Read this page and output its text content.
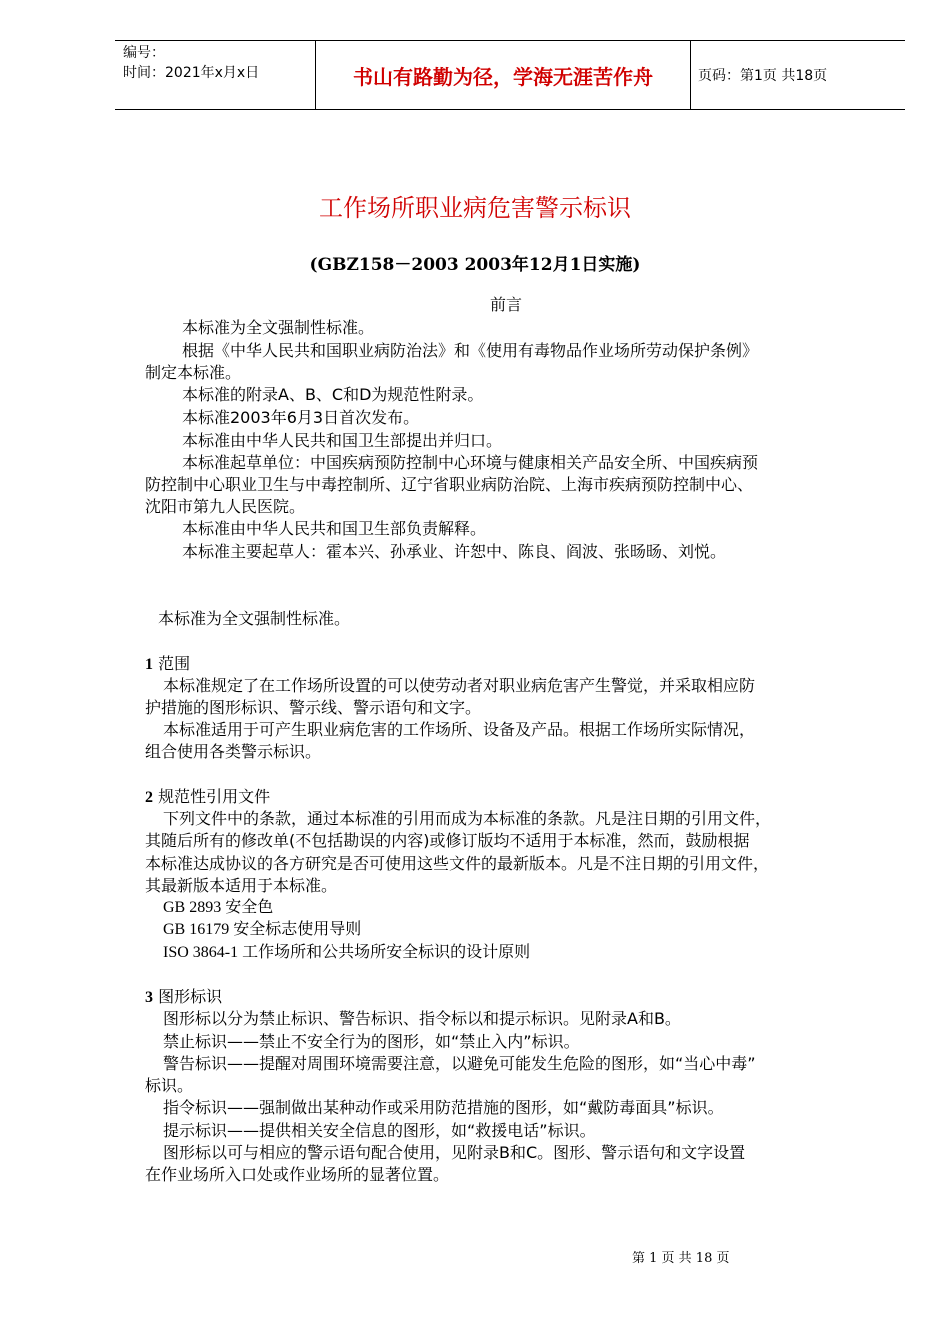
编号：
时间：2021年x月x日	书山有路勤为径，学海无涯苦作舟	页码：第1页 共18页
工作场所职业病危害警示标识
(GBZ158－2003 2003年12月1日实施)
前言
本标准为全文强制性标准。
根据《中华人民共和国职业病防治法》和《使用有毒物品作业场所劳动保护条例》
制定本标准。
本标准的附录A、B、C和D为规范性附录。
本标准2003年6月3日首次发布。
本标准由中华人民共和国卫生部提出并归口。
本标准起草单位：中国疾病预防控制中心环境与健康相关产品安全所、中国疾病预
防控制中心职业卫生与中毒控制所、辽宁省职业病防治院、上海市疾病预防控制中心、
沈阳市第九人民医院。
本标准由中华人民共和国卫生部负责解释。
本标准主要起草人：霍本兴、孙承业、许恕中、陈良、阎波、张旸旸、刘悦。
本标准为全文强制性标准。
1 范围
本标准规定了在工作场所设置的可以使劳动者对职业病危害产生警觉，并采取相应防
护措施的图形标识、警示线、警示语句和文字。
本标准适用于可产生职业病危害的工作场所、设备及产品。根据工作场所实际情况，
组合使用各类警示标识。
2 规范性引用文件
下列文件中的条款，通过本标准的引用而成为本标准的条款。凡是注日期的引用文件，
其随后所有的修改单(不包括勘误的内容)或修订版均不适用于本标准，然而，鼓励根据
本标准达成协议的各方研究是否可使用这些文件的最新版本。凡是不注日期的引用文件，
其最新版本适用于本标准。
GB 2893 安全色
GB 16179 安全标志使用导则
ISO 3864-1 工作场所和公共场所安全标识的设计原则
3 图形标识
图形标以分为禁止标识、警告标识、指令标以和提示标识。见附录A和B。
禁止标识——禁止不安全行为的图形，如“禁止入内”标识。
警告标识——提醒对周围环境需要注意，以避免可能发生危险的图形，如“当心中毒”
标识。
指令标识——强制做出某种动作或采用防范措施的图形，如“戴防毒面具”标识。
提示标识——提供相关安全信息的图形，如“救援电话”标识。
图形标以可与相应的警示语句配合使用，见附录B和C。图形、警示语句和文字设置
在作业场所入口处或作业场所的显著位置。
第 1 页 共 18 页
